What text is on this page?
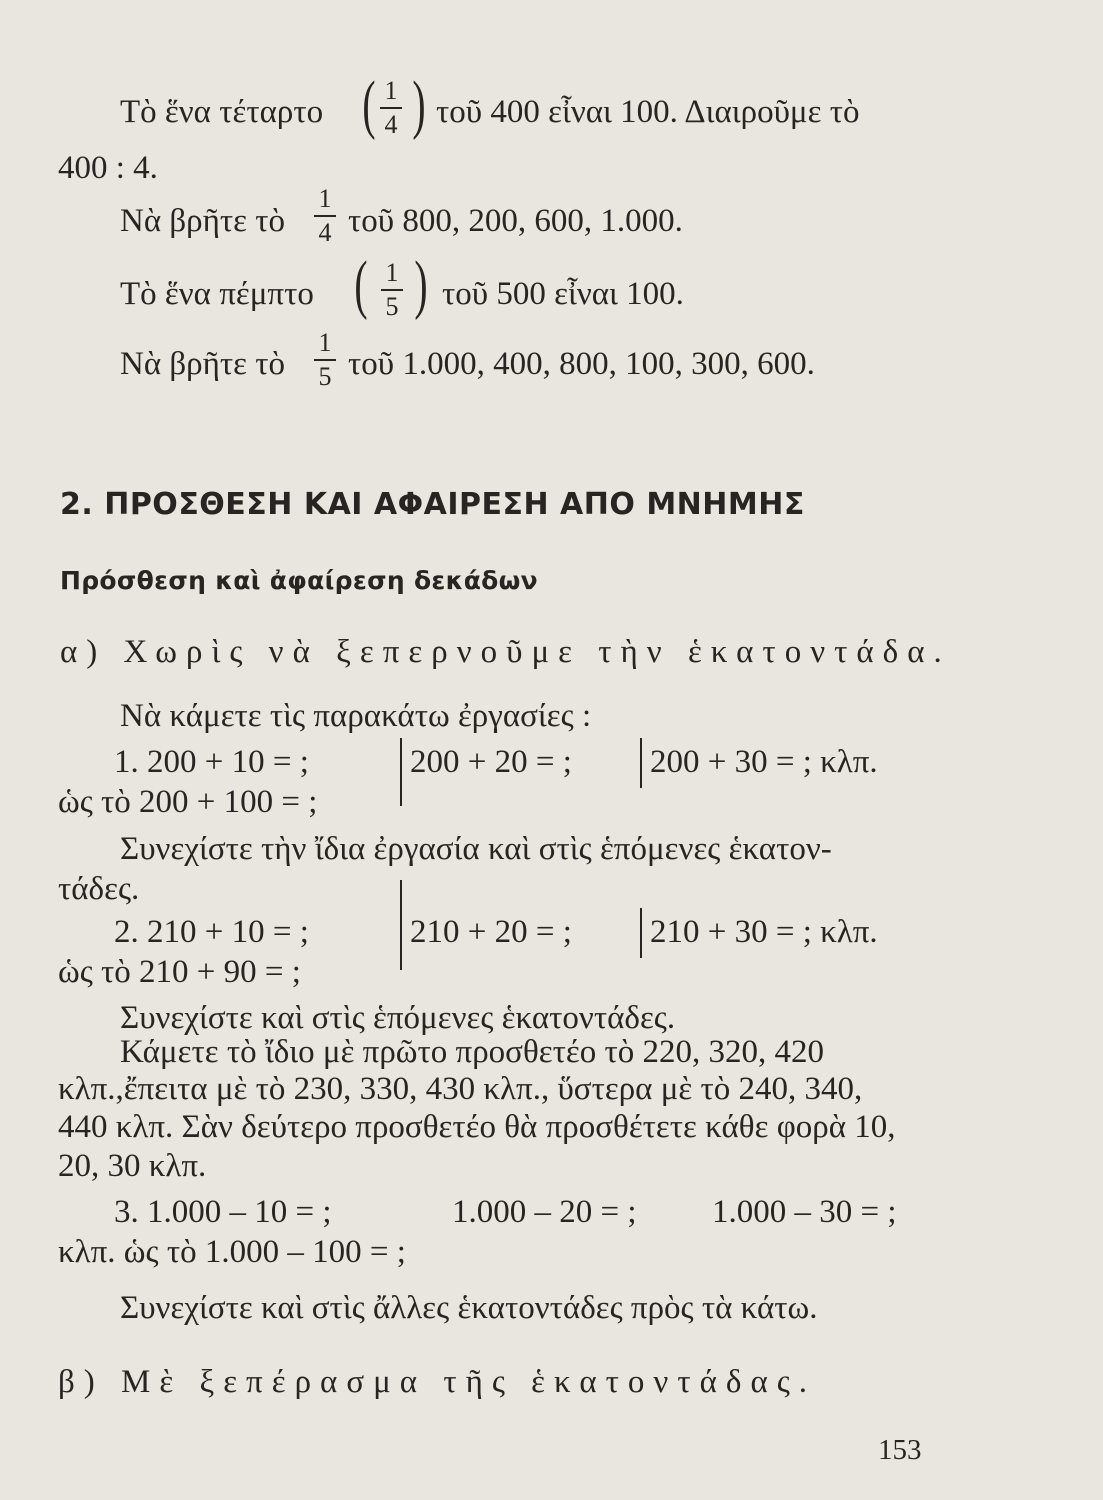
Τὸ ἕνα τέταρτο ( 1
4 ) τοῦ 400 εἶναι 100. Διαιροῦμε τὸ
400 : 4.
Νὰ βρῆτε τὸ
1
4 τοῦ 800, 200, 600, 1.000.
Τὸ ἕνα πέμπτο ( 1
5 ) τοῦ 500 εἶναι 100.
Νὰ βρῆτε τὸ
1
5 τοῦ 1.000, 400, 800, 100, 300, 600.
2. ΠΡΟΣΘΕΣΗ ΚΑΙ ΑΦΑΙΡΕΣΗ ΑΠΟ ΜΝΗΜΗΣ
Πρόσθεση καὶ ἀφαίρεση δεκάδων
α) Χωρὶς νὰ ξεπερνοῦμε τὴν ἑκατοντάδα.
Νὰ κάμετε τὶς παρακάτω ἐργασίες :
1. 200 + 10 = ;	200 + 20 = ; 200 + 30 = ; κλπ.
ὡς τὸ 200 + 100 = ;
Συνεχίστε τὴν ἴδια ἐργασία καὶ στὶς ἑπόμενες ἑκατον-
τάδες.
2. 210 + 10 = ;	210 + 20 = ; 210 + 30 = ; κλπ.
ὡς τὸ 210 + 90 = ;
Συνεχίστε καὶ στὶς ἑπόμενες ἑκατοντάδες.
Κάμετε τὸ ἴδιο μὲ πρῶτο προσθετέο τὸ 220, 320, 420
κλπ.,ἔπειτα μὲ τὸ 230, 330, 430 κλπ., ὕστερα μὲ τὸ 240, 340,
440 κλπ. Σὰν δεύτερο προσθετέο θὰ προσθέτετε κάθε φορὰ 10,
20, 30 κλπ.
3. 1.000 – 10 = ;	1.000 – 20 = ; 1.000 – 30 = ;
κλπ. ὡς τὸ 1.000 – 100 = ;
Συνεχίστε καὶ στὶς ἄλλες ἑκατοντάδες πρὸς τὰ κάτω.
β) Μὲ ξεπέρασμα τῆς ἑκατοντάδας.
153
